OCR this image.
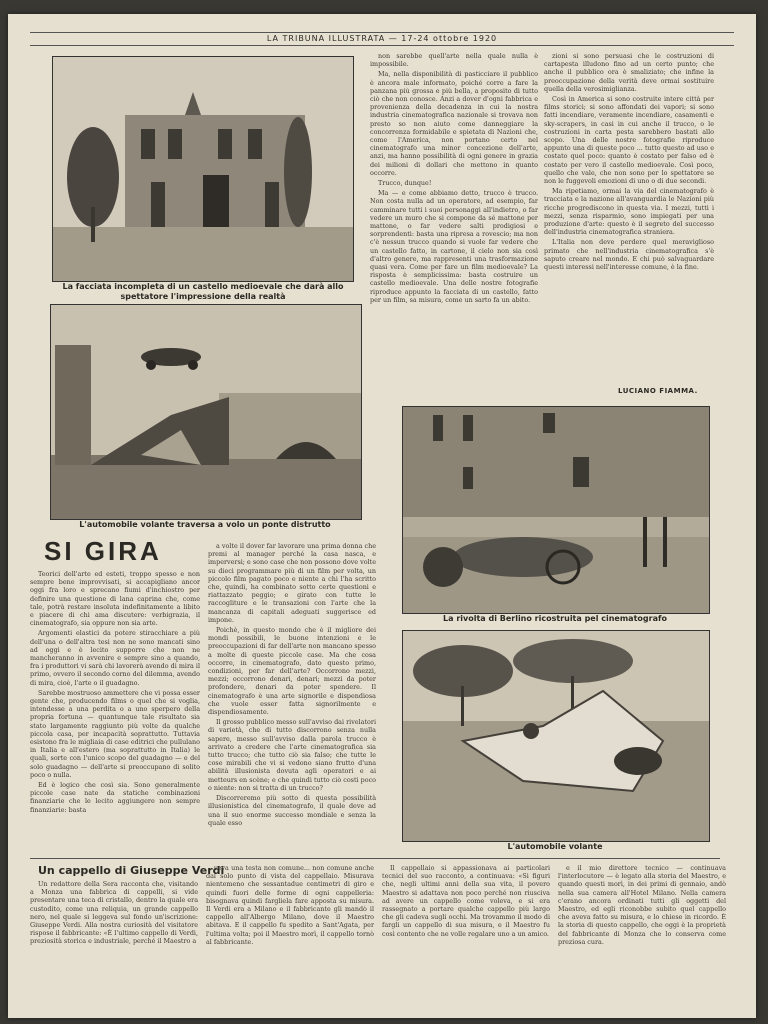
LA TRIBUNA ILLUSTRATA — 17-24 ottobre 1920
La facciata incompleta di un castello medioevale che darà allo spettatore l'impressione della realtà
L'automobile volante traversa a volo un ponte distrutto
SI GIRA

Teorici dell'arte ed esteti, troppo spesso e non sempre bene improvvisati, si accapigliano ancor oggi fra loro e sprecano fiumi d'inchiostro per definire una questione di lana caprina che, come tale, potrà restare insoluta indefinitamente a libito e piacere di chi ama discutere: verbigrazia, il cinematografo, sia oppure non sia arte.

Argomenti elastici da potere stiracchiare a più dell'una o dell'altra tesi non ne sono mancati sino ad oggi e è lecito supporre che non ne mancheranno in avvenire e sempre sino a quando, fra i produttori vi sarà chi lavorerà avendo di mira il primo, ovvero il secondo corno del dilemma, avendo di mira, cioè, l'arte o il guadagno.

Sarebbe mostruoso ammettere che vi possa esser gente che, producendo films o quel che si voglia, intendesse a una perdita o a uno sperpero della propria fortuna — quantunque tale risultato sia stato largamente raggiunto più volte da qualche piccola casa, per incapacità soprattutto. Tuttavia esistono fra le migliaia di case editrici che pullulano in Italia e all'estero (ma soprattutto in Italia) le quali, sorte con l'unico scopo del guadagno — e del solo guadagno — dell'arte si preoccupano di solito poco o nulla.

Ed è logico che così sia. Sono generalmente piccole case nate da statiche combinazioni finanziarie che le lecito aggiungere non sempre finanziarie: basta

a volte il dover far lavorare una prima donna che premi al manager perché la casa nasca, e imperversi; e sono case che non possono dove volte su dieci programmare più di un film per volta, un piccolo film pagato poco e niente a chi l'ha scritto che, quindi, ha combinato sotto certe questioni e riattazzato peggio; e girato con tutte le raccogliture e le transazioni con l'arte che la mancanza di capitali adeguati suggerisce ed impone.

Poichè, in questo mondo che è il migliore dei mondi possibili, le buone intenzioni e le preoccupazioni di far dell'arte non mancano spesso a molte di queste piccole case. Ma che cosa occorre, in cinematografo, dato questo primo, condizioni, per far dell'arte? Occorrono mezzi, mezzi; occorrono denari, denari; mezzi da poter profondere, denari da poter spendere. Il cinematografo è una arte signorile e dispendiosa che vuole esser fatta signorilmente e dispendiosamente.

Il grosso pubblico messo sull'avviso dai rivelatori di varietà, che di tutto discorrono senza nulla sapere, messo sull'avviso dalla parola trucco è arrivato a credere che l'arte cinematografica sia tutto trucco; che tutto ciò sia falso; che tutte le cose mirabili che vi si vedono siano frutto d'una abilità illusionista dovuta agli operatori e ai metteurs en scène; e che quindi tutto ciò costi poco o niente: non si tratta di un trucco?

Discorreremo più sotto di questa possibilità illusionistica del cinematografo, il quale deve ad una il suo enorme successo mondiale e senza la quale esso

non sarebbe quell'arte nella quale nulla è impossibile.

Ma, nella disponibilità di pasticciare il pubblico è ancora male informato, poiché corre a fare la panzana più grossa e più bella, a proposito di tutto ciò che non conosce. Anzi a dover d'ogni fabbrica e provenienza della decadenza in cui la nostra industria cinematografica nazionale si trovava non presto so non aiuto come danneggiare la concorrenza formidabile e spietata di Nazioni che, come l'America, non portano certo nel cinematografo una minor concezione dell'arte, anzi, ma hanno possibilità di ogni genere in grazia dei milioni di dollari che mettono in quanto occorre.

Trucco, dunque!

Ma — e come abbiamo detto, trucco è trucco. Non costa nulla ad un operatore, ad esempio, far camminare tutti i suoi personaggi all'indietro, o far vedere un muro che si compone da sé mattone per mattone, o far vedere salti prodigiosi e sorprendenti: basta una ripresa a rovescio; ma non c'è nessun trucco quando si vuole far vedere che un castello fatto, in cartone, il cielo non sia così d'altro genere, ma rappresenti una trasformazione quasi vera. Come per fare un film medioevale? La risposta è semplicissima: basta costruire un castello medioevale. Una delle nostre fotografie riproduce appunto la facciata di un castello, fatto per un film, sa misura, come un sarto fa un abito.

zioni si sono persuasi che le costruzioni di cartapesta illudono fino ad un certo punto; che anche il pubblico ora è smaliziato; che infine la preoccupazione della verità deve ormai sostituire quella della verosimiglianza.

Così in America si sono costruite intere città per films storici; si sono affondati dei vapori; si sono fatti incendiare, veramente incendiare, casamenti e sky-scrapers, in casi in cui anche il trucco, o le costruzioni in carta pesta sarebbero bastati allo scopo. Una delle nostre fotografie riproduce appunto una di queste poco ... tutto questo ad uso e costato quel poco: quanto è costato per falso ed è costato per vero il castello medioevale. Così poco, quello che vale, che non sono per lo spettatore se non le fuggevoli emozioni di uno o di due secondi.

Ma ripetiamo, ormai la via del cinematografo è tracciata e la nazione all'avanguardia le Nazioni più ricche progrediscono in questa via. I mezzi, tutti i mezzi, senza risparmio, sono impiegati per una produzione d'arte: questo è il segreto del successo dell'industria cinematografica straniera.

L'Italia non deve perdere quel meraviglioso primato che nell'industria cinematografica s'è saputo creare nel mondo. E chi può salvaguardare questi interessi nell'interesse comune, è la fine.

LUCIANO FIAMMA.
La rivolta di Berlino ricostruita pel cinematografo
L'automobile volante
Un cappello di Giuseppe Verdi

Un redattore della Sera racconta che, visitando a Monza una fabbrica di cappelli, si vide presentare una teca di cristallo, dentro la quale era custodito, come una reliquia, un grande cappello nero, nel quale si leggeva sul fondo un'iscrizione: Giuseppe Verdi. Alla nostra curiosità del visitatore rispose il fabbricante: «È l'ultimo cappello di Verdi, preziosità storica e industriale, perché il Maestro a

veva una testa non comune... non comune anche dal solo punto di vista del cappellaio. Misurava nientemeno che sessantadue centimetri di giro e quindi fuori delle forme di ogni cappelleria: bisognava quindi fargliela fare apposta su misura. Il Verdi era a Milano e il fabbricante gli mandò il cappello all'Albergo Milano, dove il Maestro abitava. E il cappello fu spedito a Sant'Agata, per l'ultima volta; poi il Maestro morì, il cappello tornò al fabbricante.

Il cappellaio si appassionava ai particolari tecnici del suo racconto, a continuava: «Si figuri che, negli ultimi anni della sua vita, il povero Maestro si adattava non poco perché non riusciva ad avere un cappello come voleva, e si era rassegnato a portare qualche cappello più largo che gli cadeva sugli occhi. Ma trovammo il modo di fargli un cappello di sua misura, e il Maestro fu così contento che ne volle regalare uno a un amico.

e il mio direttore tecnico — continuava l'interlocutore — è legato alla storia del Maestro, e quando questi morì, in dei primi di gennaio, andò nella sua camera all'Hotel Milano. Nella camera c'erano ancora ordinati tutti gli oggetti del Maestro, ed egli riconobbe subito quel cappello che aveva fatto su misura, e lo chiese in ricordo. È la storia di questo cappello, che oggi è la proprietà del fabbricante di Monza che lo conserva come preziosa cura.
